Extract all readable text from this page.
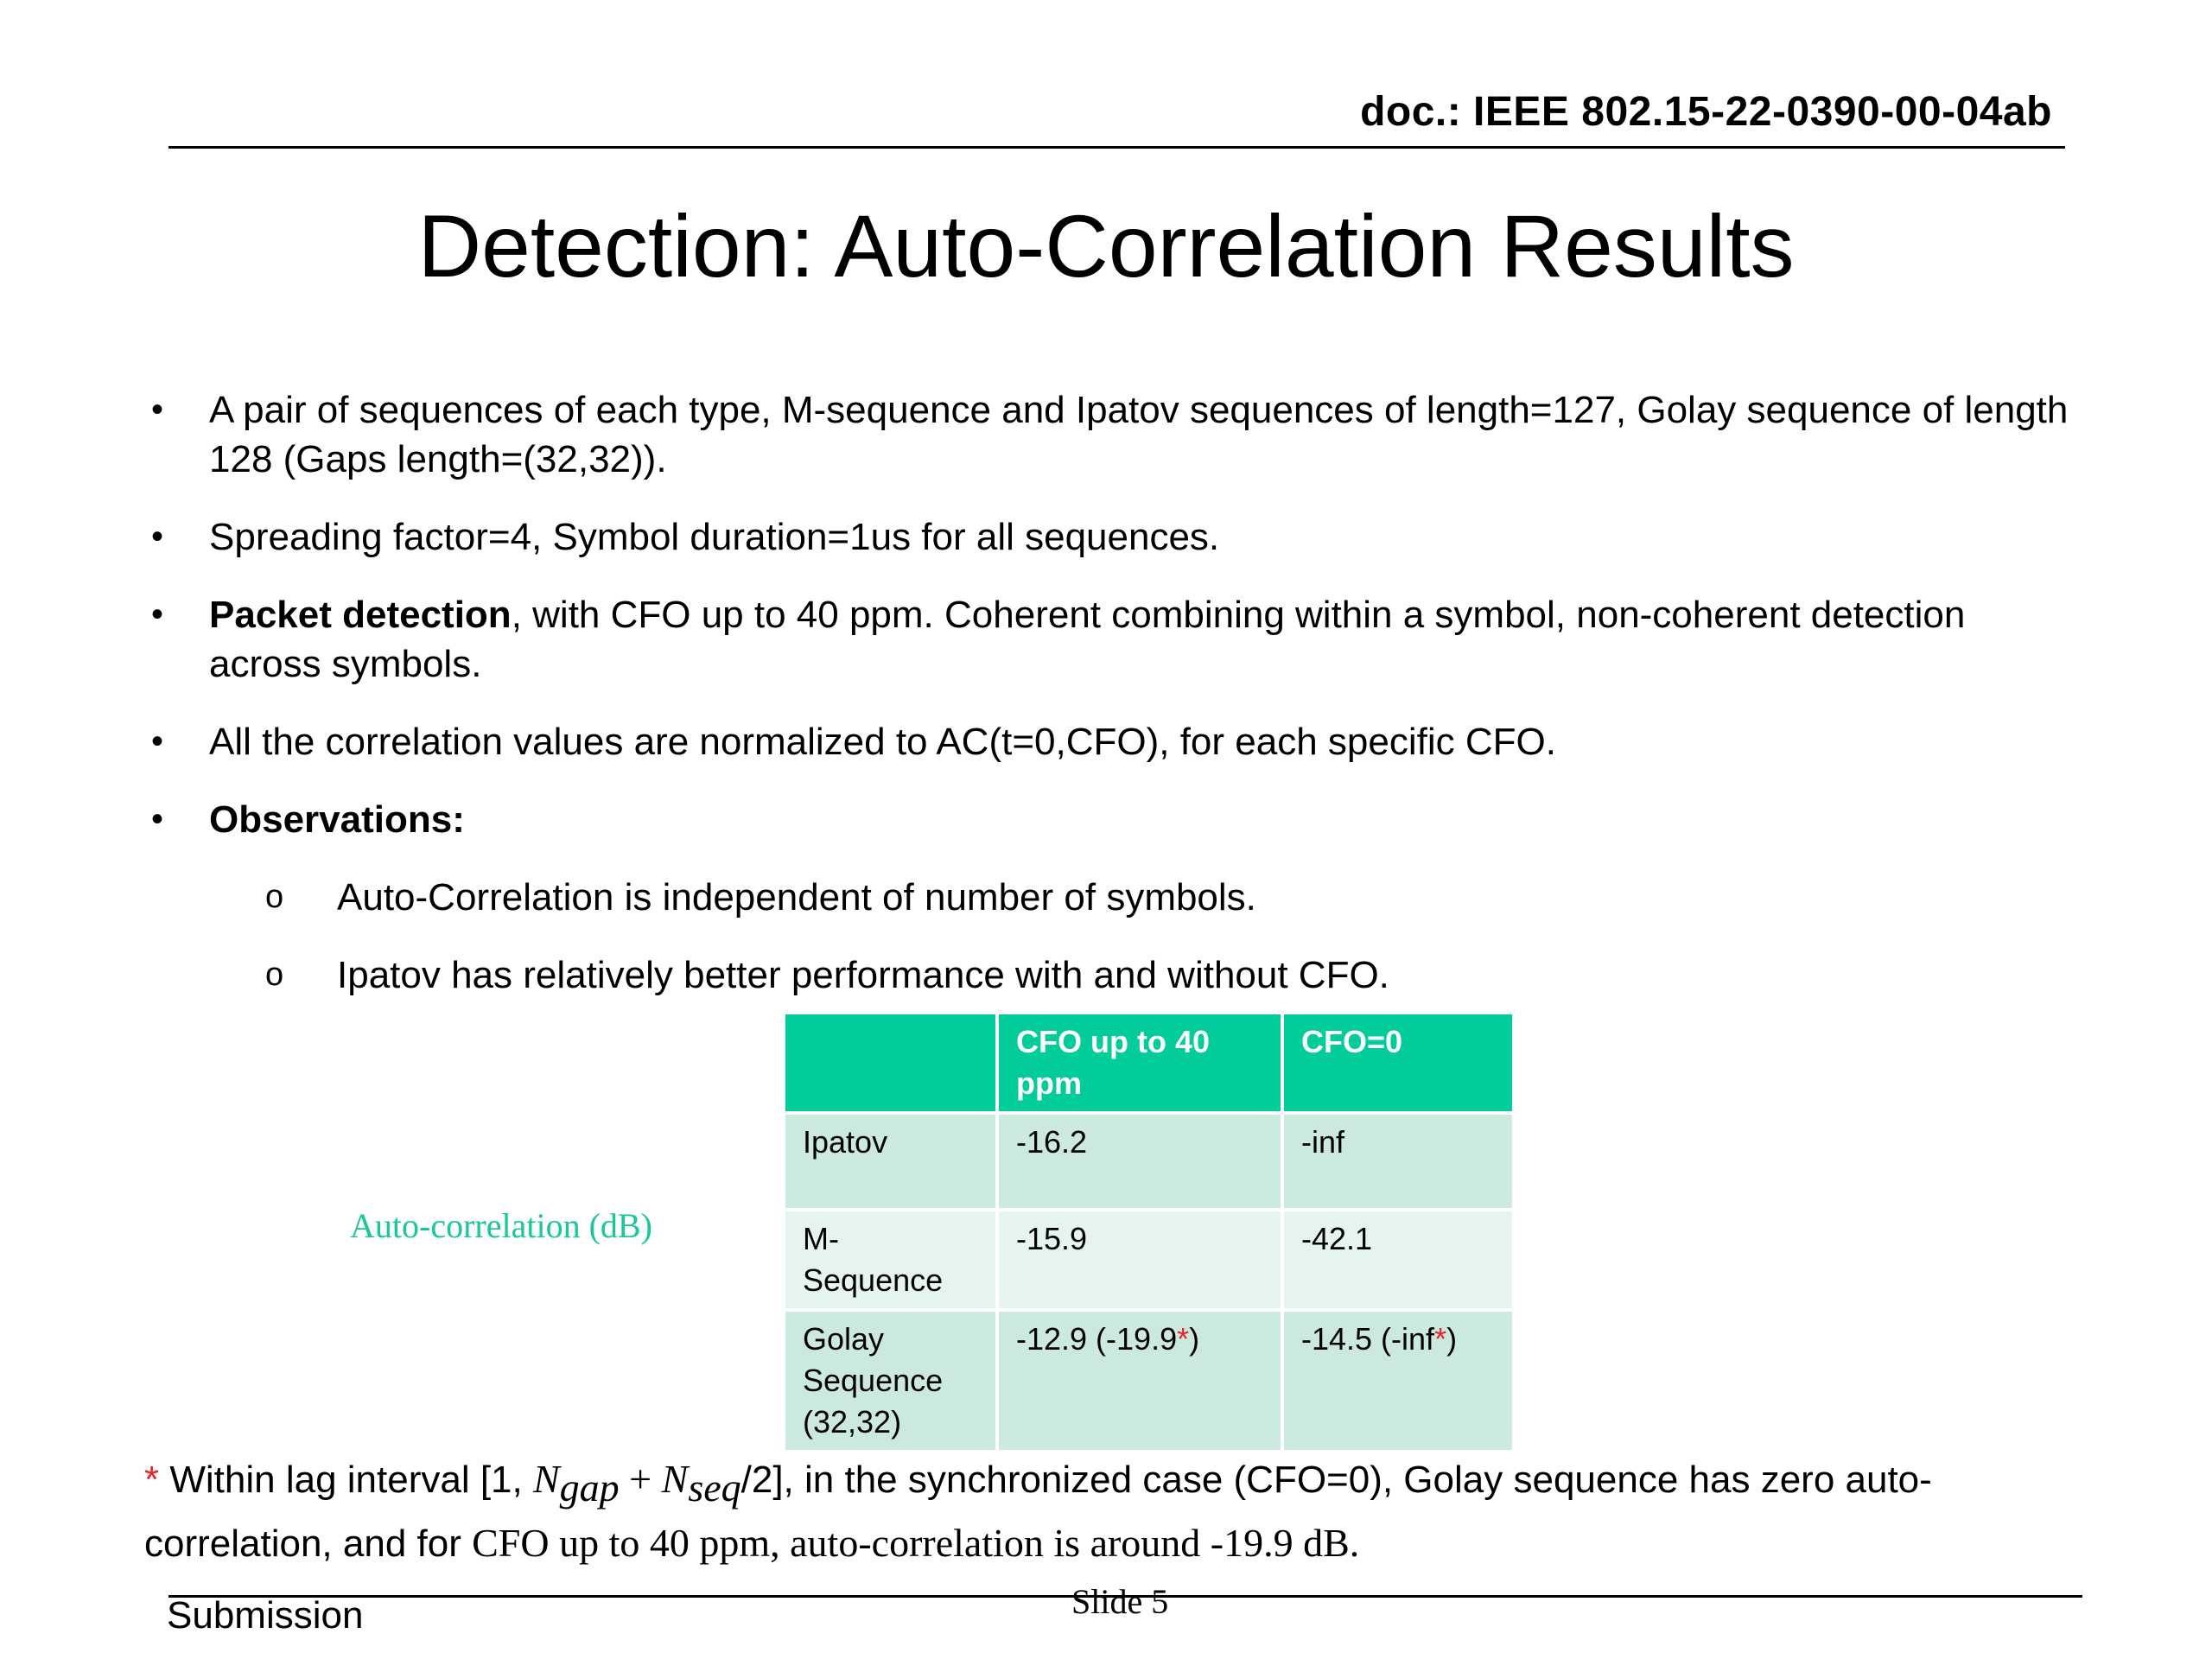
doc.: IEEE 802.15-22-0390-00-04ab
Detection: Auto-Correlation Results
•	A pair of sequences of each type, M-sequence and Ipatov sequences of length=127, Golay sequence of length 128 (Gaps length=(32,32)).
•	Spreading factor=4, Symbol duration=1us for all sequences.
•	Packet detection, with CFO up to 40 ppm. Coherent combining within a symbol, non-coherent detection across symbols.
•	All the correlation values are normalized to AC(t=0,CFO), for each specific CFO.
•	Observations:
o	Auto-Correlation is independent of number of symbols.
o	Ipatov has relatively better performance with and without CFO.
Auto-correlation (dB)
	CFO up to 40 ppm	CFO=0
Ipatov	-16.2	-inf
M-Sequence	-15.9	-42.1
Golay Sequence (32,32)	-12.9 (-19.9*)	-14.5 (-inf*)
* Within lag interval [1, $N_{gap} + N_{seq}/2$], in the synchronized case (CFO=0), Golay sequence has zero auto-
correlation, and for CFO up to 40 ppm, auto-correlation is around -19.9 dB.
Submission	Slide 5
